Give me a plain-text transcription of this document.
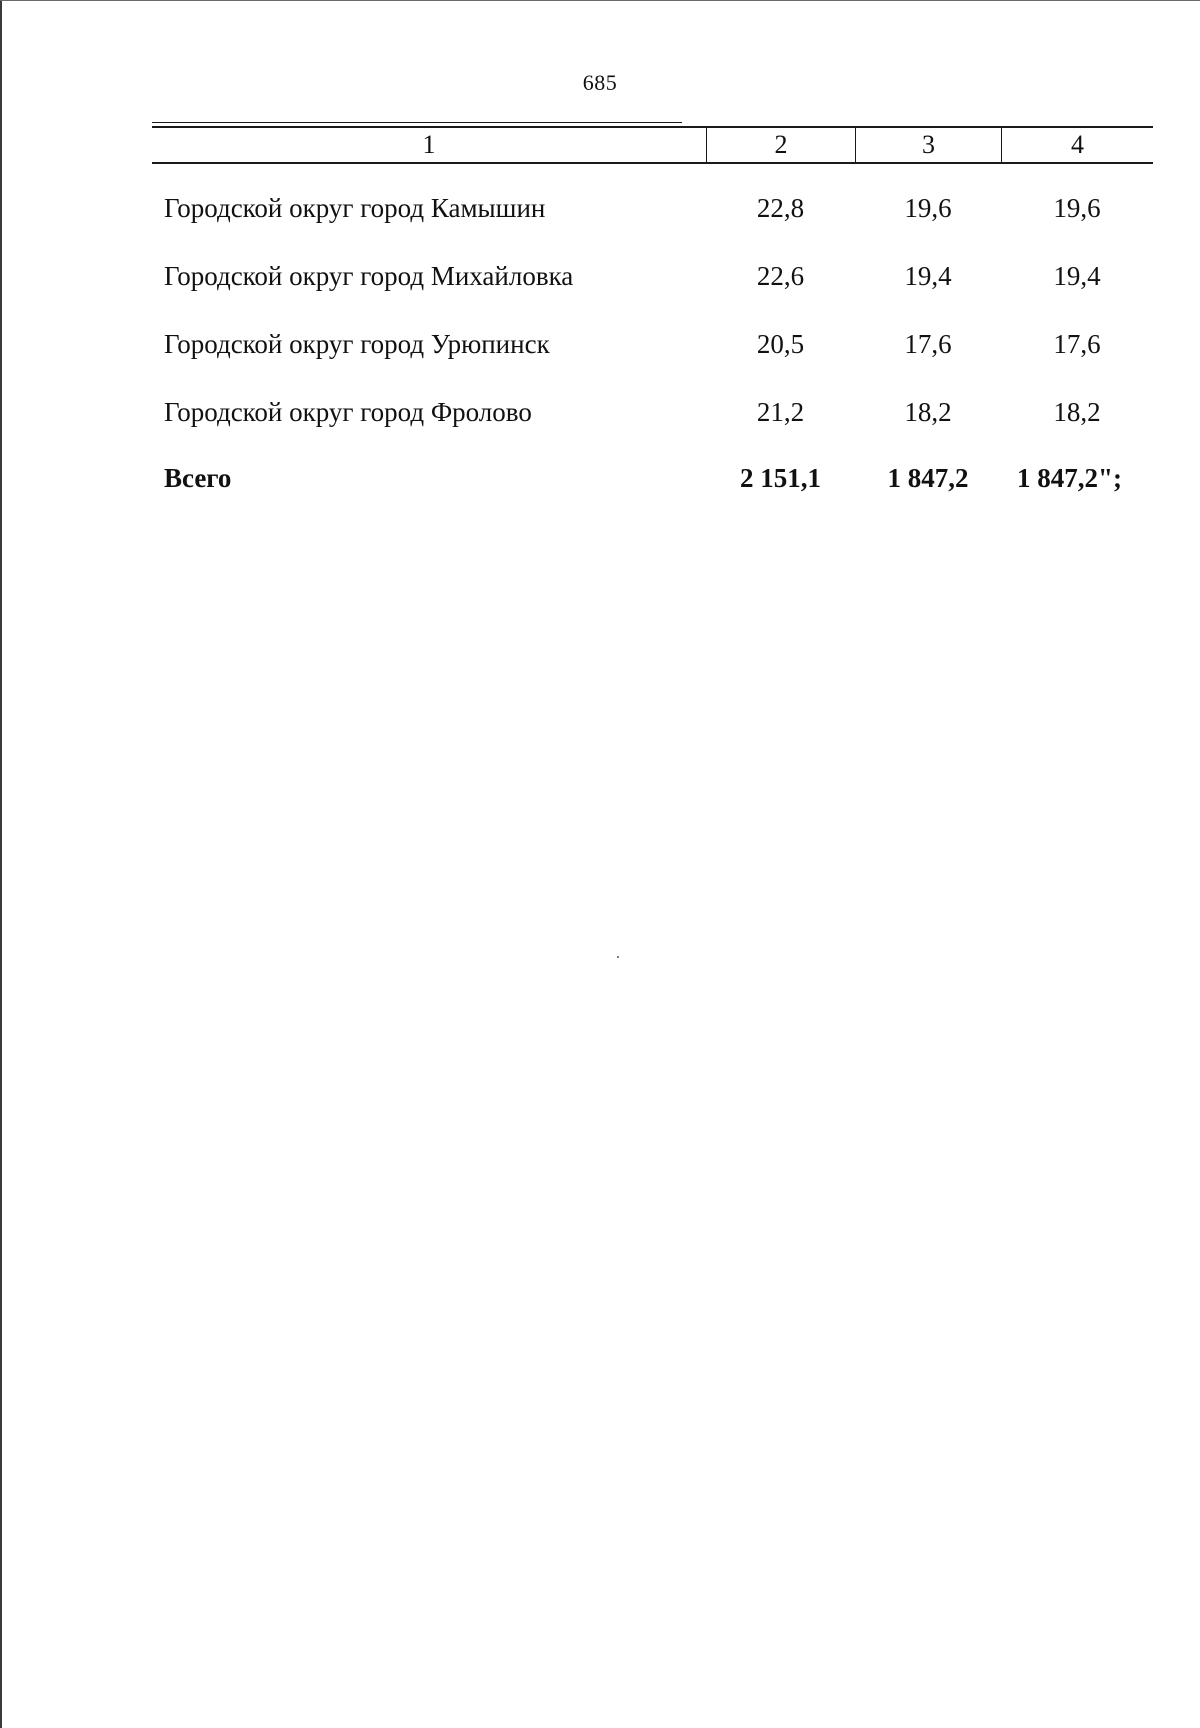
685
1	2	3	4
Городской округ город Камышин	22,8	19,6	19,6
Городской округ город Михайловка	22,6	19,4	19,4
Городской округ город Урюпинск	20,5	17,6	17,6
Городской округ город Фролово	21,2	18,2	18,2
Всего	2 151,1	1 847,2	1 847,2";
